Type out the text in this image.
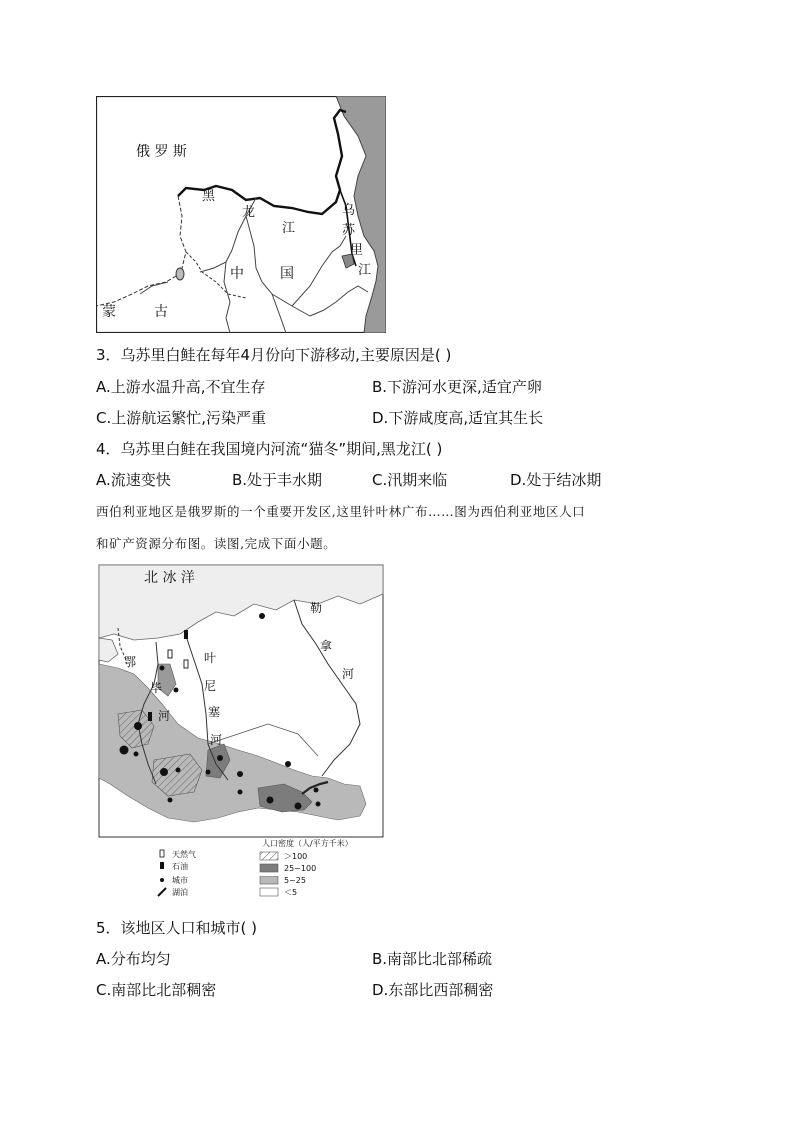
俄 罗 斯
黑
龙
江
乌
苏
里
江
中	国
蒙	古
3．乌苏里白鲑在每年4月份向下游移动,主要原因是( )
A.上游水温升高,不宜生存	B.下游河水更深,适宜产卵
C.上游航运繁忙,污染严重	D.下游咸度高,适宜其生长
4．乌苏里白鲑在我国境内河流“猫冬”期间,黑龙江( )
A.流速变快	B.处于丰水期	C.汛期来临	D.处于结冰期
西伯利亚地区是俄罗斯的一个重要开发区,这里针叶林广布……图为西伯利亚地区人口
和矿产资源分布图。读图,完成下面小题。
北 冰 洋
鄂
毕
河
叶
尼
塞
河
勒
拿
河
天然气
石油
人口密度（人/平方千米）
＞100
25~100
城市
湖泊
5~25
＜5
5．该地区人口和城市( )
A.分布均匀	B.南部比北部稀疏
C.南部比北部稠密	D.东部比西部稠密
